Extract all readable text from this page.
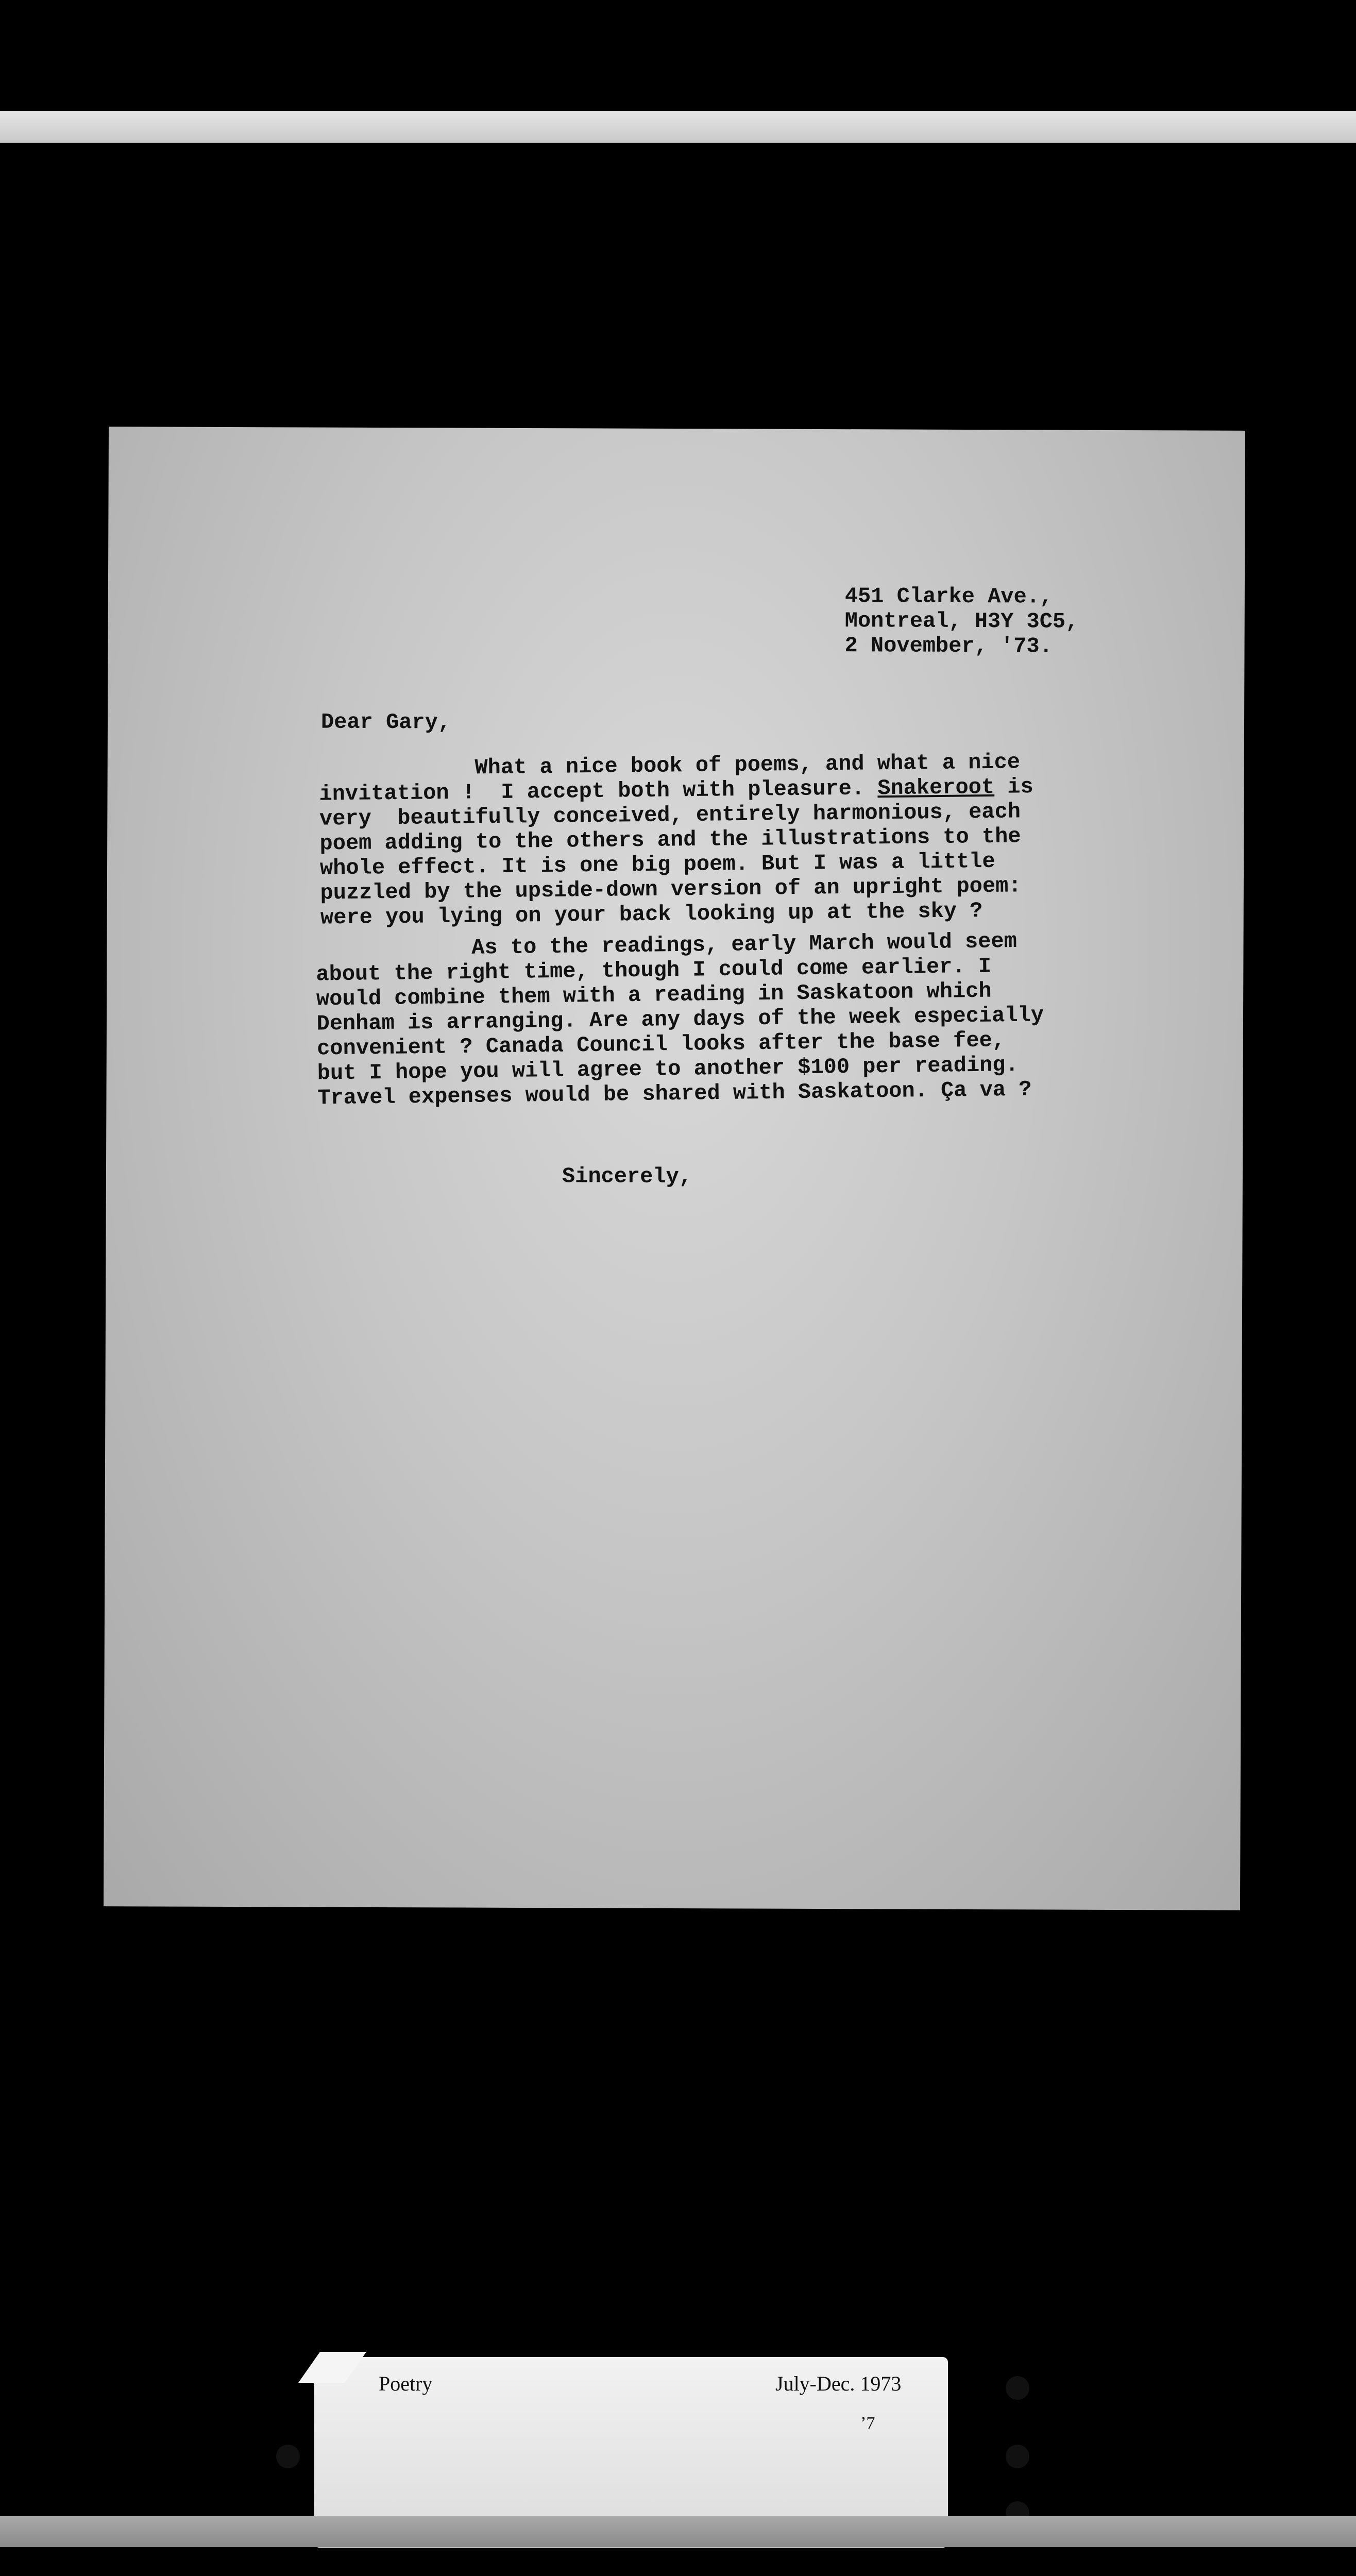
451 Clarke Ave.,
Montreal, H3Y 3C5,
2 November, '73.
Dear Gary,
What a nice book of poems, and what a nice
invitation !  I accept both with pleasure. Snakeroot is
very  beautifully conceived, entirely harmonious, each
poem adding to the others and the illustrations to the
whole effect. It is one big poem. But I was a little
puzzled by the upside-down version of an upright poem:
were you lying on your back looking up at the sky ?
As to the readings, early March would seem
about the right time, though I could come earlier. I
would combine them with a reading in Saskatoon which
Denham is arranging. Are any days of the week especially
convenient ? Canada Council looks after the base fee,
but I hope you will agree to another $100 per reading.
Travel expenses would be shared with Saskatoon. Ça va ?
Sincerely,
Poetry	July-Dec. 1973
ʼ7
